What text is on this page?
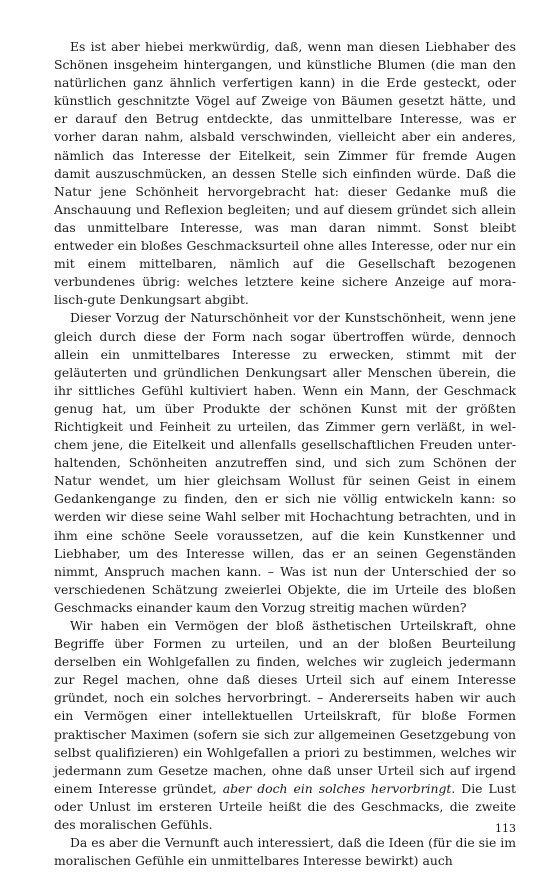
Es ist aber hiebei merkwürdig, daß, wenn man diesen Liebhaber des Schönen insgeheim hintergangen, und künstliche Blumen (die man den natürlichen ganz ähnlich verfertigen kann) in die Erde gesteckt, oder künstlich geschnitzte Vögel auf Zweige von Bäumen gesetzt hätte, und er darauf den Betrug entdeckte, das unmittelbare Interesse, was er vorher daran nahm, alsbald verschwinden, vielleicht aber ein anderes, nämlich das Interesse der Eitelkeit, sein Zimmer für fremde Augen damit auszuschmücken, an dessen Stelle sich einfinden würde. Daß die Natur jene Schönheit hervorgebracht hat: dieser Gedanke muß die Anschauung und Reflexion begleiten; und auf diesem gründet sich allein das unmittelbare Interesse, was man daran nimmt. Sonst bleibt entweder ein bloßes Geschmacksurteil ohne alles Interesse, oder nur ein mit einem mittelbaren, nämlich auf die Gesellschaft bezogenen verbundenes übrig: welches letztere keine sichere Anzeige auf moralisch-gute Denkungsart abgibt.

Dieser Vorzug der Naturschönheit vor der Kunstschönheit, wenn jene gleich durch diese der Form nach sogar übertroffen würde, dennoch allein ein unmittelbares Interesse zu erwecken, stimmt mit der geläuterten und gründlichen Denkungsart aller Menschen überein, die ihr sittliches Gefühl kultiviert haben. Wenn ein Mann, der Geschmack genug hat, um über Produkte der schönen Kunst mit der größten Richtigkeit und Feinheit zu urteilen, das Zimmer gern verläßt, in welchem jene, die Eitelkeit und allenfalls gesellschaftlichen Freuden unterhaltenden, Schönheiten anzutreffen sind, und sich zum Schönen der Natur wendet, um hier gleichsam Wollust für seinen Geist in einem Gedankengange zu finden, den er sich nie völlig entwickeln kann: so werden wir diese seine Wahl selber mit Hochachtung betrachten, und in ihm eine schöne Seele voraussetzen, auf die kein Kunstkenner und Liebhaber, um des Interesse willen, das er an seinen Gegenständen nimmt, Anspruch machen kann. – Was ist nun der Unterschied der so verschiedenen Schätzung zweierlei Objekte, die im Urteile des bloßen Geschmacks einander kaum den Vorzug streitig machen würden?

Wir haben ein Vermögen der bloß ästhetischen Urteilskraft, ohne Begriffe über Formen zu urteilen, und an der bloßen Beurteilung derselben ein Wohlgefallen zu finden, welches wir zugleich jedermann zur Regel machen, ohne daß dieses Urteil sich auf einem Interesse gründet, noch ein solches hervorbringt. – Andererseits haben wir auch ein Vermögen einer intellektuellen Urteilskraft, für bloße Formen praktischer Maximen (sofern sie sich zur allgemeinen Gesetzgebung von selbst qualifizieren) ein Wohlgefallen a priori zu bestimmen, welches wir jedermann zum Gesetze machen, ohne daß unser Urteil sich auf irgend einem Interesse gründet, aber doch ein solches hervorbringt. Die Lust oder Unlust im ersteren Urteile heißt die des Geschmacks, die zweite des moralischen Gefühls.

Da es aber die Vernunft auch interessiert, daß die Ideen (für die sie im moralischen Gefühle ein unmittelbares Interesse bewirkt) auch

113
